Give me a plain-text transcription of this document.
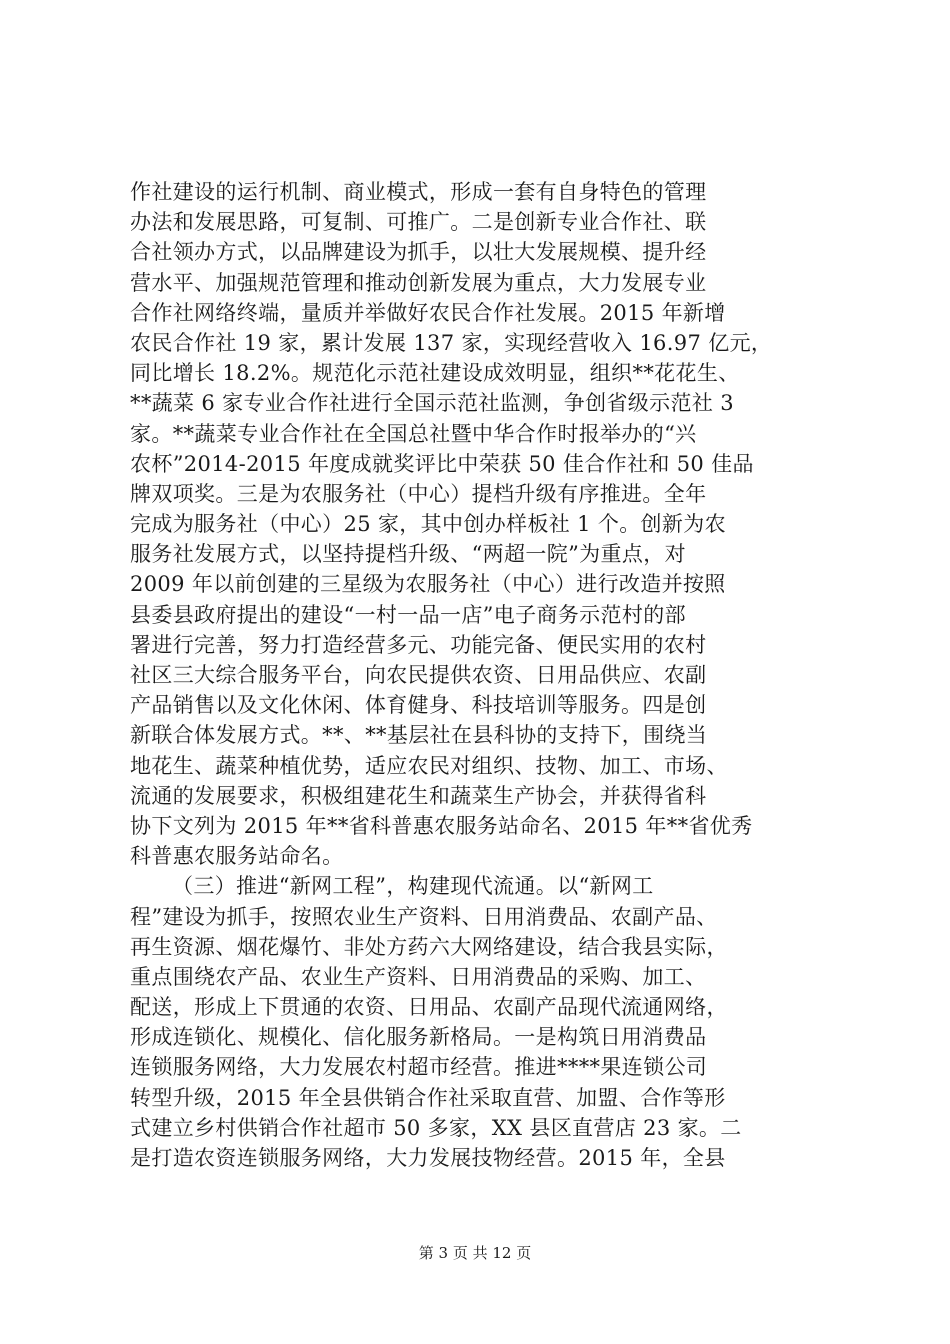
作社建设的运行机制、商业模式，形成一套有自身特色的管理
办法和发展思路，可复制、可推广。二是创新专业合作社、联
合社领办方式，以品牌建设为抓手，以壮大发展规模、提升经
营水平、加强规范管理和推动创新发展为重点，大力发展专业
合作社网络终端，量质并举做好农民合作社发展。2015 年新增
农民合作社 19 家，累计发展 137 家，实现经营收入 16.97 亿元，
同比增长 18.2%。规范化示范社建设成效明显，组织**花花生、
**蔬菜 6 家专业合作社进行全国示范社监测，争创省级示范社 3
家。**蔬菜专业合作社在全国总社暨中华合作时报举办的“兴
农杯”2014-2015 年度成就奖评比中荣获 50 佳合作社和 50 佳品
牌双项奖。三是为农服务社（中心）提档升级有序推进。全年
完成为服务社（中心）25 家，其中创办样板社 1 个。创新为农
服务社发展方式，以坚持提档升级、“两超一院”为重点，对
2009 年以前创建的三星级为农服务社（中心）进行改造并按照
县委县政府提出的建设“一村一品一店”电子商务示范村的部
署进行完善，努力打造经营多元、功能完备、便民实用的农村
社区三大综合服务平台，向农民提供农资、日用品供应、农副
产品销售以及文化休闲、体育健身、科技培训等服务。四是创
新联合体发展方式。**、**基层社在县科协的支持下，围绕当
地花生、蔬菜种植优势，适应农民对组织、技物、加工、市场、
流通的发展要求，积极组建花生和蔬菜生产协会，并获得省科
协下文列为 2015 年**省科普惠农服务站命名、2015 年**省优秀
科普惠农服务站命名。
（三）推进“新网工程”，构建现代流通。以“新网工
程”建设为抓手，按照农业生产资料、日用消费品、农副产品、
再生资源、烟花爆竹、非处方药六大网络建设，结合我县实际，
重点围绕农产品、农业生产资料、日用消费品的采购、加工、
配送，形成上下贯通的农资、日用品、农副产品现代流通网络，
形成连锁化、规模化、信化服务新格局。一是构筑日用消费品
连锁服务网络，大力发展农村超市经营。推进****果连锁公司
转型升级，2015 年全县供销合作社采取直营、加盟、合作等形
式建立乡村供销合作社超市 50 多家，XX 县区直营店 23 家。二
是打造农资连锁服务网络，大力发展技物经营。2015 年，全县
第 3 页 共 12 页
